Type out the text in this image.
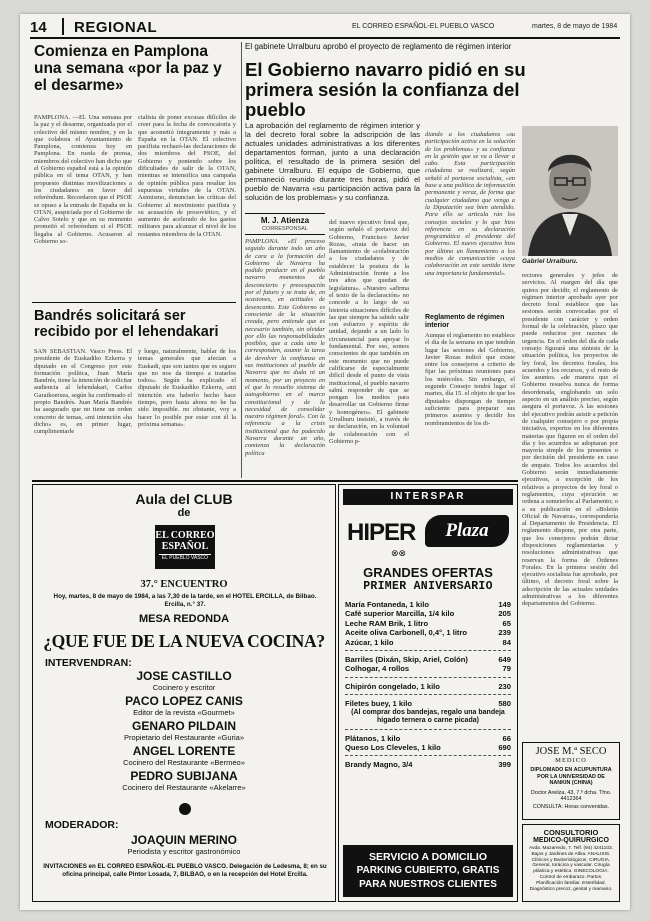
14 REGIONAL	EL CORREO ESPAÑOL-EL PUEBLO VASCO	martes, 8 de mayo de 1984
Comienza en Pamplona una semana «por la paz y el desarme»
PAMPLONA. —El. Una semana por la paz y el desarme, organizada por el colectivo del mismo nombre, y en la que colabora el Ayuntamiento de Pamplona, comienza hoy en Pamplona. En rueda de prensa, miembros del colectivo han dicho que el Gobierno español está a la opinión pública en el tema OTAN, y han propuesto distintas movilizaciones a los ciudadanos en favor del referéndum. Recordaron que el PSOE se opuso a la entrada de España en la OTAN, auspiciada por el Gobierno de Calvo Sotelo y que en su momento prometió el referéndum si el PSOE llegaba al Gobierno. Acusaron al Gobierno so-
cialista de poner excusas difíciles de creer para la fecha de convocatoria y que acometió íntegramente y más a España en la OTAN. El colectivo pacifista rechazó-las declaraciones de dos miembros del PSOE, del Gobierno y poniendo sobre los dificultades de salir de la OTAN, mientras se intensifica una campaña de opinión pública para resaltar los supuestas virtudes de la OTAN. Asimismo, denuncian las críticas del Gobierno al movimiento pacifista y su acusación de prosoviético, y el aumento de acelerado de los gastos militares para alcanzar el nivel de los restantes miembros de la OTAN.
Bandrés solicitará ser recibido por el lehendakari
SAN SEBASTIAN. Vasco Press. El presidente de Euskadiko Ezkerra y diputado en el Congreso por este formación política, Juan María Bandrés, tiene la intención de solicitar audiencia al lehendakari, Carlos Garaikoetxea, según ha confirmado el propio Bandrés. Juan María Bandrés ha asegurado que no tiene un orden concreto de temas, «mi intención «ha dicho» es, en primer lugar, cumplimentarle
y luego, naturalmente, hablar de los temas generales que afectan a Euskadi, que son tantos que es seguro que no nos da tiempo a tratarlos todos». Según ha explicado el diputado de Euskadiko Ezkerra, «mi intención era haberlo hecho hace tiempo, pero hasta ahora no he ha sido imposible. no obstante, voy a hacer lo posible por estar con él la próxima semana».
El gabinete Urralburu aprobó el proyecto de reglamento de régimen interior
El Gobierno navarro pidió en su primera sesión la confianza del pueblo
La aprobación del reglamento de régimen interior y la del decreto foral sobre la adscripción de las actuales unidades administrativas a los diferentes departamentos forman, junto a una declaración política, el resultado de la primera sesión del gabinete Urralburu. El equipo de Gobierno, que permaneció reunido durante tres horas, pidió el pueblo de Navarra «su participación activa para la solución de los problemas» y su confianza.
M. J. Atienza
CORRESPONSAL
PAMPLONA. «El proceso seguido durante todo un año de cara a la formación del Gobierno de Navarra ha podido producir en el pueblo navarro momentos de desconcierto y preocupación por el futuro y se trata de, en ocasiones, en actitudes de desencanto. Este Gobierno es consciente de la situación creada, pero entiende que es necesario también, sin olvidar por ello las responsabilidades posibles, que a cada uno le corresponden, asumir la tarea de devolver la confianza en sus instituciones al pueblo de Navarra que no duda ni un momento, por un proyecto en el que lo resuelto sistema de autogobierno en el marco constitucional y de la necesidad de consolidar nuestro régimen foral». Con la referencia a la crisis institucional que ha padecido Navarra durante un año, comienza la declaración política
del nuevo ejecutivo foral que, según señaló el portavoz del Gobierno, Francisco Javier Rozas, «trata de hacer un llamamiento de «colaboración a los ciudadanos y de establecer la postura de la Administración frente a los tres años que quedan de legislatura». «Nuestro «afirma el texto de la declaración» no concede a lo largo de su historia situaciones difíciles de las que siempre ha sabido salir con esfuerzo y espíritu de unidad, dejando a un lado lo circunstancial para apoyar lo fundamental. Por eso, somos conscientes de que también en este momento que no puede calificarse de especialmente difícil desde el punto de vista institucional, el pueblo navarro sabrá responder de que se pongan los medios para desarrollar un Gobierno firme y homogéneo». El gabinete Urralburu insistió, a través de su declaración, en la voluntad de colaboración con el Gobierno p-
diando a los ciudadanos «su participación activa en la solución de los problemas» y su confianza en la gestión que se va a llevar a cabo. Esta participación ciudadana se realizará, según señaló el portavoz socialista, «en base a una política de información permanente y veraz, de forma que cualquier ciudadano que venga a la Diputación sea bien atendido. Para ello se articula rán los consejos sociales y lo que hizo referencia en su declaración programática el presidente del Gobierno. El nuevo ejecutivo hizo por último un llamamiento a los medios de comunicación «cuya colaboración en este sentido tiene una importancia fundamental».
Reglamento de régimen interior
Aunque el reglamento no establece el día de la semana en que tendrán lugar las sesiones del Gobierno, Javier Rozas indicó que existe entre los consejeros a criterio de fijar las próximas reuniones para los miércoles. Sin embargo, el segundo Consejo tendrá lugar el martes, día 15. el objeto de que los diputados dispongan de tiempo suficiente para preparar sus primeros asuntos y decidir los nombramientos de los di-
Gabriel Urralburu.
rectores generales y jefes de servicios. Al margen del día que quiera por decidir, el reglamento de régimen interior aprobado ayer por decreto foral establece que las sesiones serán convocadas por el presidente con carácter y orden formal de la celebración, plazo que puede reducirse por razones de urgencia. En el orden del día de cada consejo figurará una síntesis de la situación política, los proyectos de ley foral, los decretos forales, los acuerdos y los recursos, y el resto de los asuntos. «de manera que el Gobierno resuelva nunca de forma desordenada, englobando un solo aspecto en un análisis preciso, según asegura el portavoz. A las sesiones del ejecutivo podrán asistir a petición de cualquier consejero o por propia iniciativa, expertos en los diferentes materias que figuren en el orden del día y los acuerdos se adoptaran por mayoría simple de los presentes o por decisión del presidente en caso de empate. Todos los acuerdos del Gobierno serán inmediatamente ejecutivos, a excepción de los relativos a proyectos de ley foral o reglamentos, cuya ejecución se ordena a someterlos al Parlamento; o a su publicación en el «Boletín Oficial de Navarra», correspondería al Departamento de Presidencia. El reglamento dispone, por otra parte, que los consejeros podrán dictar disposiciones reglamentarias y resoluciones administrativas que reservan la forma de Órdenes Forales. En la primera sesión del ejecutivo socialista fue aprobado, por último, el decreto foral sobre la adscripción de las actuales unidades administrativas a los diferentes departamentos del Gobierno.
Aula del CLUB
de
EL CORREO
ESPAÑOL
EL PUEBLO VASCO
37.° ENCUENTRO
Hoy, martes, 8 de mayo de 1984, a las 7,30 de la tarde, en el HOTEL ERCILLA, de Bilbao. Ercilla, n.° 37.
MESA REDONDA
¿QUE FUE DE LA NUEVA COCINA?
INTERVENDRAN:
JOSE CASTILLO
Cocinero y escritor
PACO LOPEZ CANIS
Editor de la revista «Gourmet»
GENARO PILDAIN
Propietario del Restaurante «Guria»
ANGEL LORENTE
Cocinero del Restaurante «Bermeo»
PEDRO SUBIJANA
Cocinero del Restaurante «Akelarre»
MODERADOR:
JOAQUIN MERINO
Periodista y escritor gastronómico
INVITACIONES en EL CORREO ESPAÑOL-EL PUEBLO VASCO. Delegación de Ledesma, 8; en su oficina principal, calle Pintor Losada, 7, BILBAO, o en la recepción del Hotel Ercilla.
INTERSPAR
HIPER	Plaza
⊗⊗
GRANDES OFERTAS
PRIMER ANIVERSARIO
María Fontaneda, 1 kilo	149
Café superior Marcilla, 1/4 kilo	205
Leche RAM Brik, 1 litro	65
Aceite oliva Carbonell, 0,4°, 1 litro	239
Azúcar, 1 kilo	84
Barriles (Dixán, Skip, Ariel, Colón)	649
Colhogar, 4 rollos	79
Chipirón congelado, 1 kilo	230
Filetes buey, 1 kilo	580
(Al comprar dos bandejas, regalo una bandeja hígado ternera o carne picada)
Plátanos, 1 kilo	66
Queso Los Cleveles, 1 kilo	690
Brandy Magno, 3/4	399
SERVICIO A DOMICILIO
PARKING CUBIERTO, GRATIS
PARA NUESTROS CLIENTES
JOSE M.ª SECO
MEDICO
DIPLOMADO EN ACUPUNTURA POR LA UNIVERSIDAD DE NANKIN (CHINA)
Doctor Areilza, 43, 7.º dcha. Tfno. 4412364
CONSULTA: Horas convenidas.
CONSULTORIO
MEDICO-QUIRURGICO
Avda. Mazarredo, 7. Telf. (94) 4241103. Bajos y Jardines de Albia. ANALISIS. Clínicos y Bacteriológicos. CIRUGIA. General, torácica y vascular. Cirugía plástica y estética. GINECOLOGIA. Control de embarazo. Partos. Planificación familiar. Esterilidad. Diagnóstico precoz, genital y mamario.
